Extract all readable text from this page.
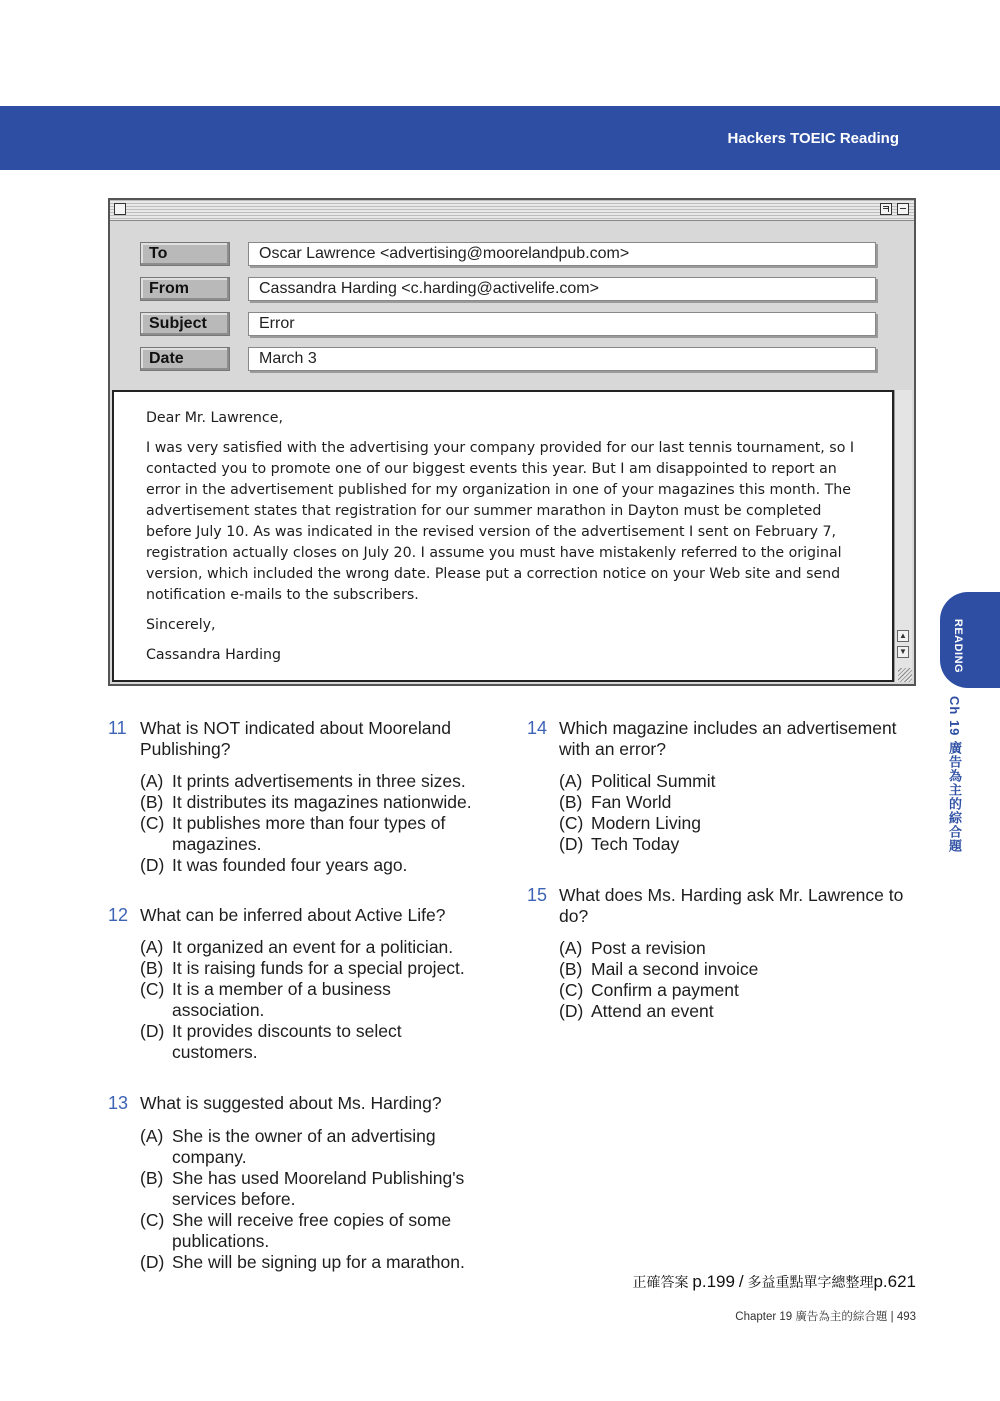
Hackers TOEIC Reading
To	Oscar Lawrence <advertising@moorelandpub.com>
From	Cassandra Harding <c.harding@activelife.com>
Subject	Error
Date	March 3

Dear Mr. Lawrence,

I was very satisfied with the advertising your company provided for our last tennis tournament, so I contacted you to promote one of our biggest events this year. But I am disappointed to report an error in the advertisement published for my organization in one of your magazines this month. The advertisement states that registration for our summer marathon in Dayton must be completed before July 10. As was indicated in the revised version of the advertisement I sent on February 7, registration actually closes on July 20. I assume you must have mistakenly referred to the original version, which included the wrong date. Please put a correction notice on your Web site and send notification e-mails to the subscribers.

Sincerely,

Cassandra Harding

▲
▼	READING
Ch 19 廣告為主的綜合題
11 What is NOT indicated about Mooreland Publishing?
(A) It prints advertisements in three sizes.
(B) It distributes its magazines nationwide.
(C) It publishes more than four types of magazines.
(D) It was founded four years ago.
12 What can be inferred about Active Life?
(A) It organized an event for a politician.
(B) It is raising funds for a special project.
(C) It is a member of a business association.
(D) It provides discounts to select customers.
13 What is suggested about Ms. Harding?
(A) She is the owner of an advertising company.
(B) She has used Mooreland Publishing's services before.
(C) She will receive free copies of some publications.
(D) She will be signing up for a marathon.
14 Which magazine includes an advertisement with an error?
(A) Political Summit
(B) Fan World
(C) Modern Living
(D) Tech Today
15 What does Ms. Harding ask Mr. Lawrence to do?
(A) Post a revision
(B) Mail a second invoice
(C) Confirm a payment
(D) Attend an event
正確答案 p.199 / 多益重點單字總整理p.621
Chapter 19 廣告為主的綜合題 | 493
